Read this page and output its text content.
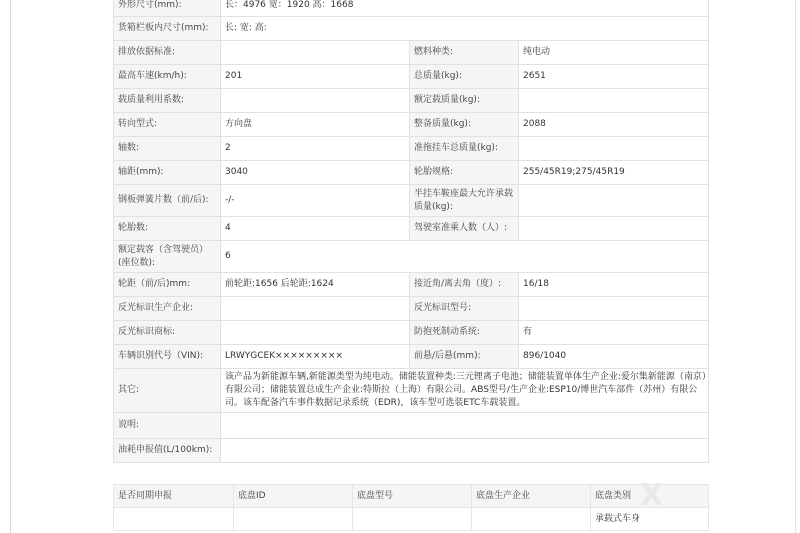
外形尺寸(mm):	长：4976 宽：1920 高：1668		
货箱栏板内尺寸(mm):	长: 宽: 高:		
排放依据标准:		燃料种类:	纯电动
最高车速(km/h):	201	总质量(kg):	2651
载质量利用系数:		额定载质量(kg):	
转向型式:	方向盘	整备质量(kg):	2088
轴数:	2	准拖挂车总质量(kg):	
轴距(mm):	3040	轮胎规格:	255/45R19;275/45R19
钢板弹簧片数（前/后):	-/-	半挂车鞍座最大允许承载质量(kg):	
轮胎数:	4	驾驶室准乘人数（人）:	
额定载客（含驾驶员）(座位数):	6		
轮距（前/后)mm:	前轮距:1656 后轮距:1624	接近角/离去角（度）:	16/18
反光标识生产企业:		反光标识型号:	
反光标识商标:		防抱死制动系统:	有
车辆识别代号（VIN):	LRWYGCEK×××××××××	前悬/后悬(mm):	896/1040
其它:	该产品为新能源车辆,新能源类型为纯电动。储能装置种类:三元锂离子电池；储能装置单体生产企业:爱尔集新能源（南京）有限公司；储能装置总成生产企业:特斯拉（上海）有限公司。ABS型号/生产企业:ESP10/博世汽车部件（苏州）有限公司。该车配备汽车事件数据记录系统（EDR)，该车型可选装ETC车载装置。		
说明:			
油耗申报值(L/100km):			
是否同期申报	底盘ID	底盘型号	底盘生产企业	底盘类别
				承载式车身
X
